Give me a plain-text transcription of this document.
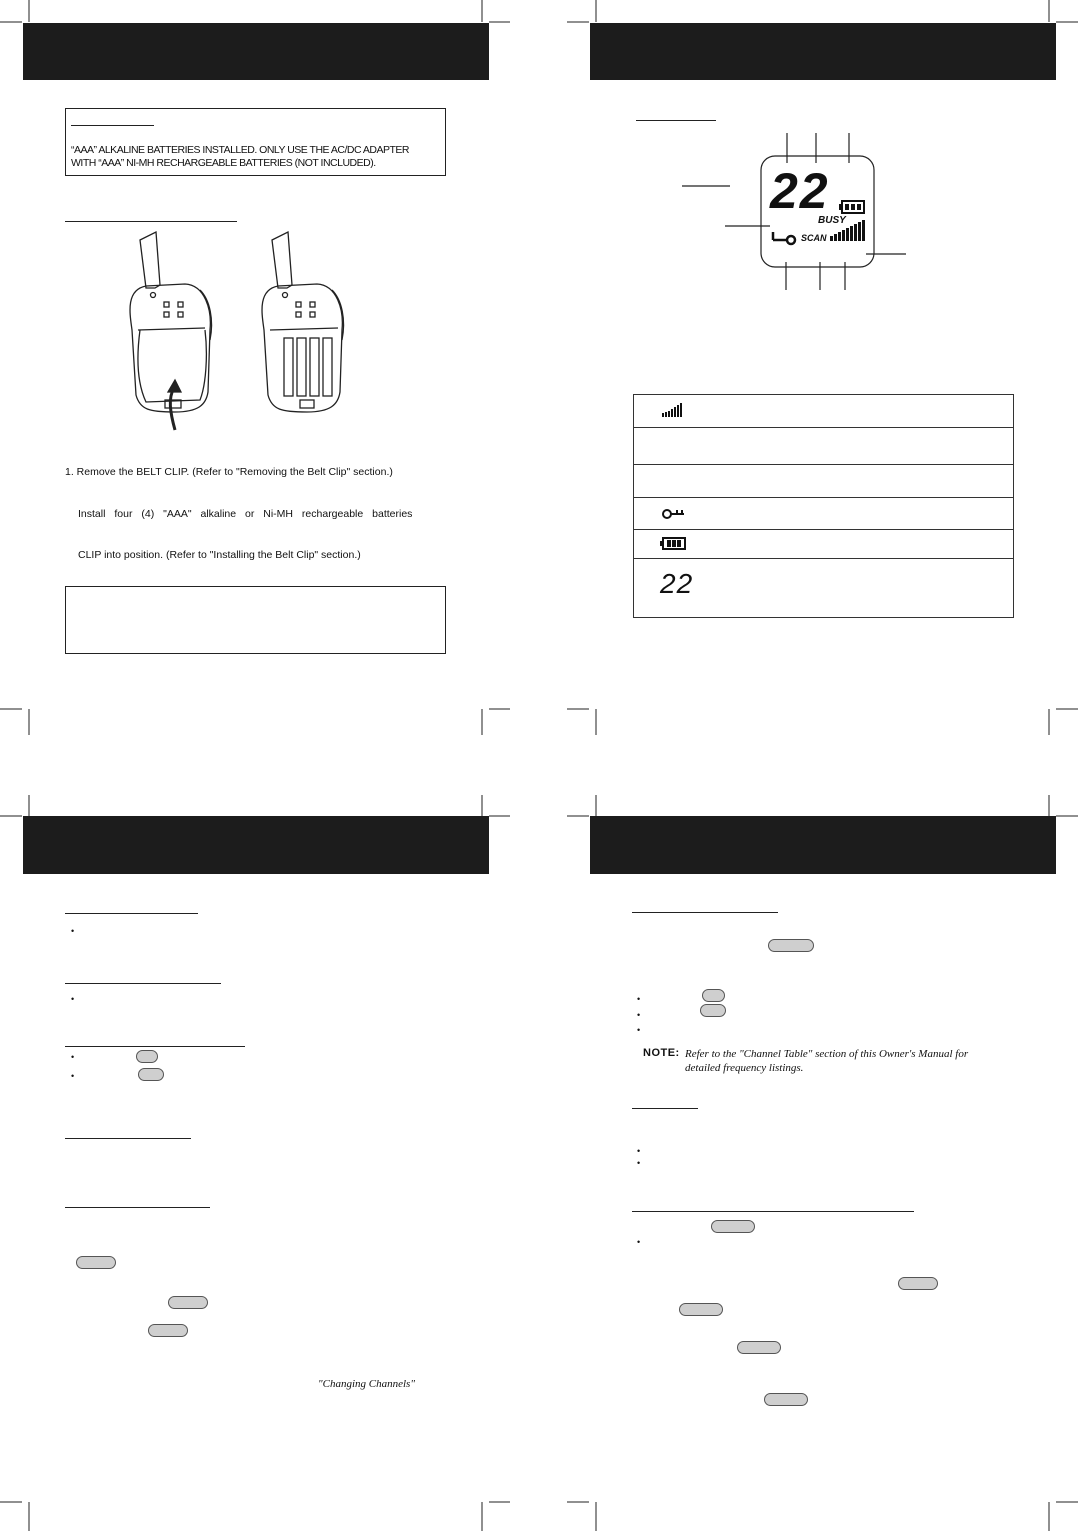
“AAA” ALKALINE BATTERIES INSTALLED. ONLY USE THE AC/DC ADAPTER
WITH “AAA” NI-MH RECHARGEABLE BATTERIES (NOT INCLUDED).
1. Remove the BELT CLIP. (Refer to "Removing the Belt Clip" section.)
Install four (4) "AAA" alkaline or Ni-MH rechargeable batteries
CLIP into position. (Refer to "Installing the Belt Clip" section.)
22
BUSY
SCAN
22
•
•
•
•
"Changing Channels"
•
•
•
NOTE: Refer to the "Channel Table" section of this Owner's Manual for
detailed frequency listings.
•
•
•
